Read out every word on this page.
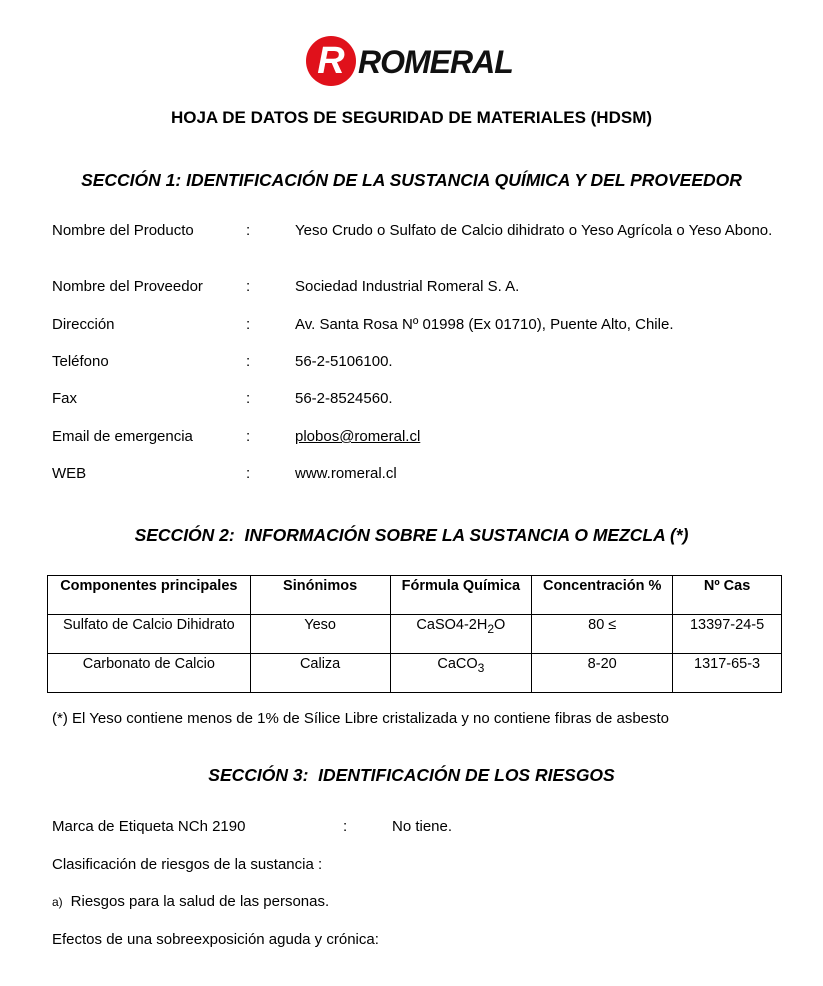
R ROMERAL
HOJA DE DATOS DE SEGURIDAD DE MATERIALES (HDSM)
SECCIÓN 1: IDENTIFICACIÓN DE LA SUSTANCIA QUÍMICA Y DEL PROVEEDOR
Nombre del Producto	:	Yeso Crudo o Sulfato de Calcio dihidrato o Yeso Agrícola o Yeso Abono.
Nombre del Proveedor	:	Sociedad Industrial Romeral S. A.
Dirección	:	Av. Santa Rosa Nº 01998 (Ex 01710), Puente Alto, Chile.
Teléfono	:	56-2-5106100.
Fax	:	56-2-8524560.
Email de emergencia	:	plobos@romeral.cl
WEB	:	www.romeral.cl
SECCIÓN 2:  INFORMACIÓN SOBRE LA SUSTANCIA O MEZCLA (*)
Componentes principales	Sinónimos	Fórmula Química	Concentración %	Nº Cas
Sulfato de Calcio Dihidrato	Yeso	$CaSO4-2H_2O$	80 ≤	13397-24-5
Carbonato de Calcio	Caliza	CaCO$_3$	8-20	1317-65-3
(*) El Yeso contiene menos de 1% de Sílice Libre cristalizada y no contiene fibras de asbesto
SECCIÓN 3:  IDENTIFICACIÓN DE LOS RIESGOS
Marca de Etiqueta NCh 2190	:	No tiene.
Clasificación de riesgos de la sustancia :
a) Riesgos para la salud de las personas.
Efectos de una sobreexposición aguda y crónica:
